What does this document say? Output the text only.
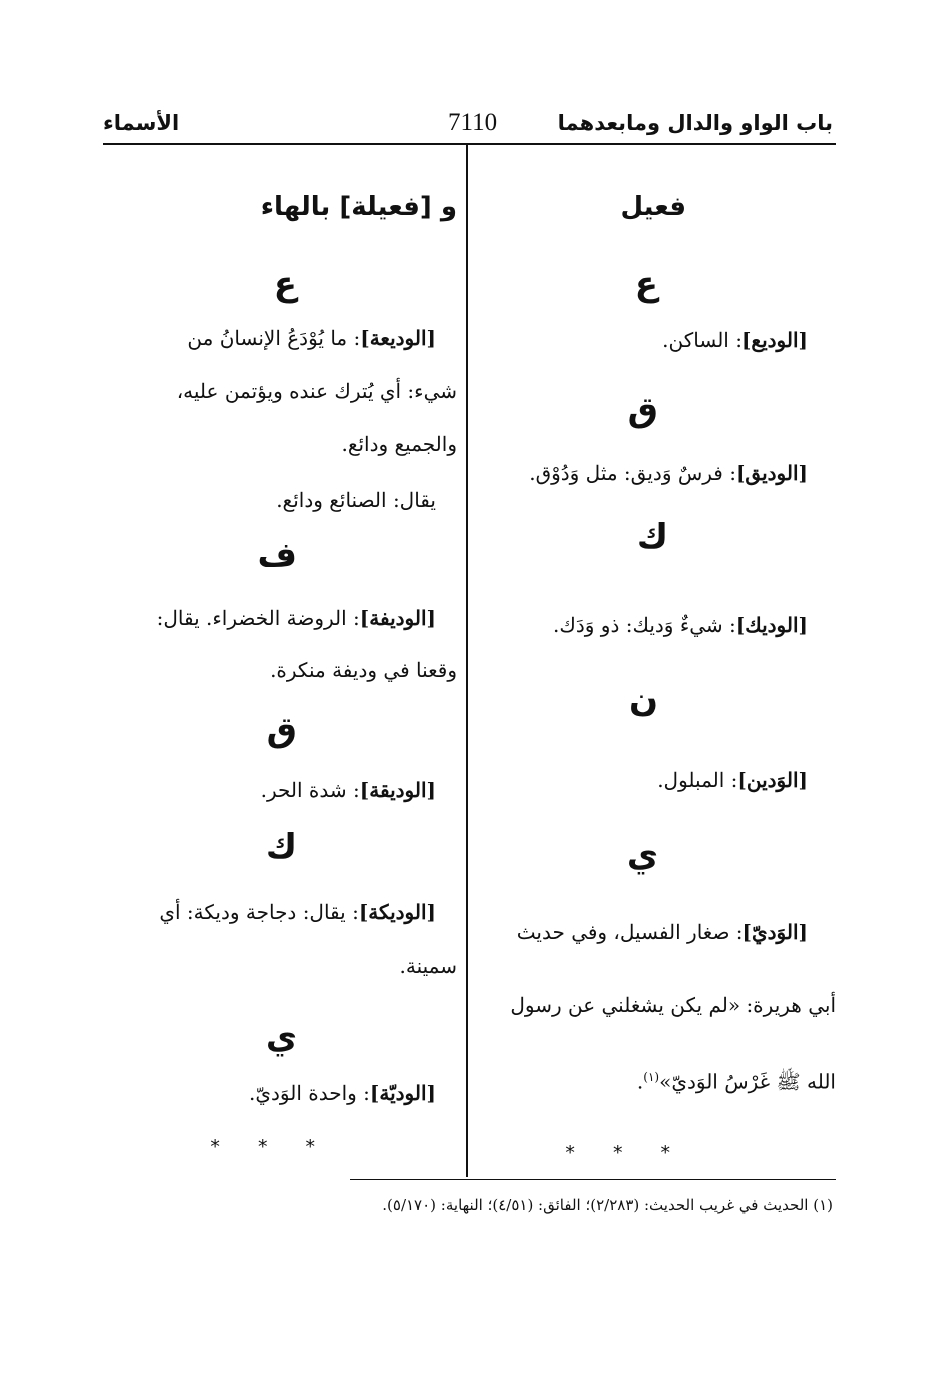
باب الواو والدال ومابعدهما
7110
الأسماء
فعيل
ع
[الوديع]: الساكن.
ق
[الوديق]: فرسٌ وَديق: مثل وَدُوْق.
ك
[الوديك]: شيءٌ وَديك: ذو وَدَك.
ن
[الوَدين]: المبلول.
ي
[الوَديّ]: صغار الفسيل، وفي حديث
أبي هريرة: «لم يكن يشغلني عن رسول
الله ﷺ غَرْسُ الوَديّ»$^{(١)}$.
* * *
و [فعيلة] بالهاء
ع
[الوديعة]: ما يُوْدَعُ الإنسانُ من
شيء: أي يُترك عنده ويؤتمن عليه،
والجميع ودائع.
يقال: الصنائع ودائع.
ف
[الوديفة]: الروضة الخضراء. يقال:
وقعنا في وديفة منكرة.
ق
[الوديقة]: شدة الحر.
ك
[الوديكة]: يقال: دجاجة وديكة: أي
سمينة.
ي
[الوديّة]: واحدة الوَديّ.
* * *
(١) الحديث في غريب الحديث: (٢/٢٨٣)؛ الفائق: (٤/٥١)؛ النهاية: (٥/١٧٠).
